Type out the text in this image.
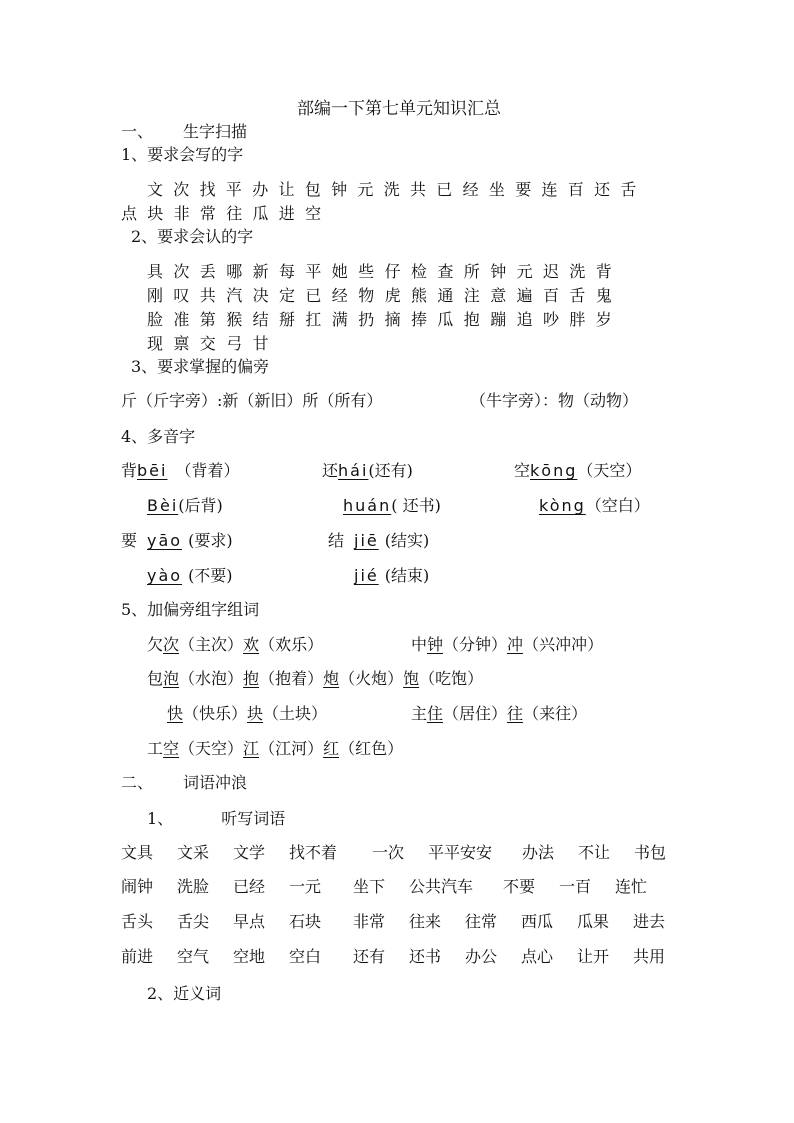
部编一下第七单元知识汇总
一、 生字扫描
1、要求会写的字
文次找平办让包钟元洗共已经坐要连百还舌
点块非常往瓜进空
2、要求会认的字
具次丢哪新每平她些仔检查所钟元迟洗背
刚叹共汽决定已经物虎熊通注意遍百舌鬼
脸准第猴结掰扛满扔摘捧瓜抱蹦追吵胖岁
现禀交弓甘
3、要求掌握的偏旁
斤（斤字旁）:新（新旧）所（所有）	（牛字旁）：物（动物）
4、多音字
背bēi （背着）	还hái(还有)	空kōng（天空）
Bèi(后背)	huán( 还书)	kòng（空白）
要 yāo (要求)	结 jiē (结实)
yào (不要)	jié (结束)
5、加偏旁组字组词
欠次（主次）欢（欢乐）	中钟（分钟）冲（兴冲冲）
包泡（水泡）抱（抱着）炮（火炮）饱（吃饱）
快（快乐）块（土块）	主住（居住）往（来往）
工空（天空）江（江河）红（红色）
二、 词语冲浪
1、	听写词语
文具 文采 文学 找不着 一次 平平安安 办法 不让 书包
闹钟 洗脸 已经 一元 坐下 公共汽车 不要 一百 连忙
舌头 舌尖 早点 石块 非常 往来 往常 西瓜 瓜果 进去
前进 空气 空地 空白 还有 还书 办公 点心 让开 共用
2、近义词
